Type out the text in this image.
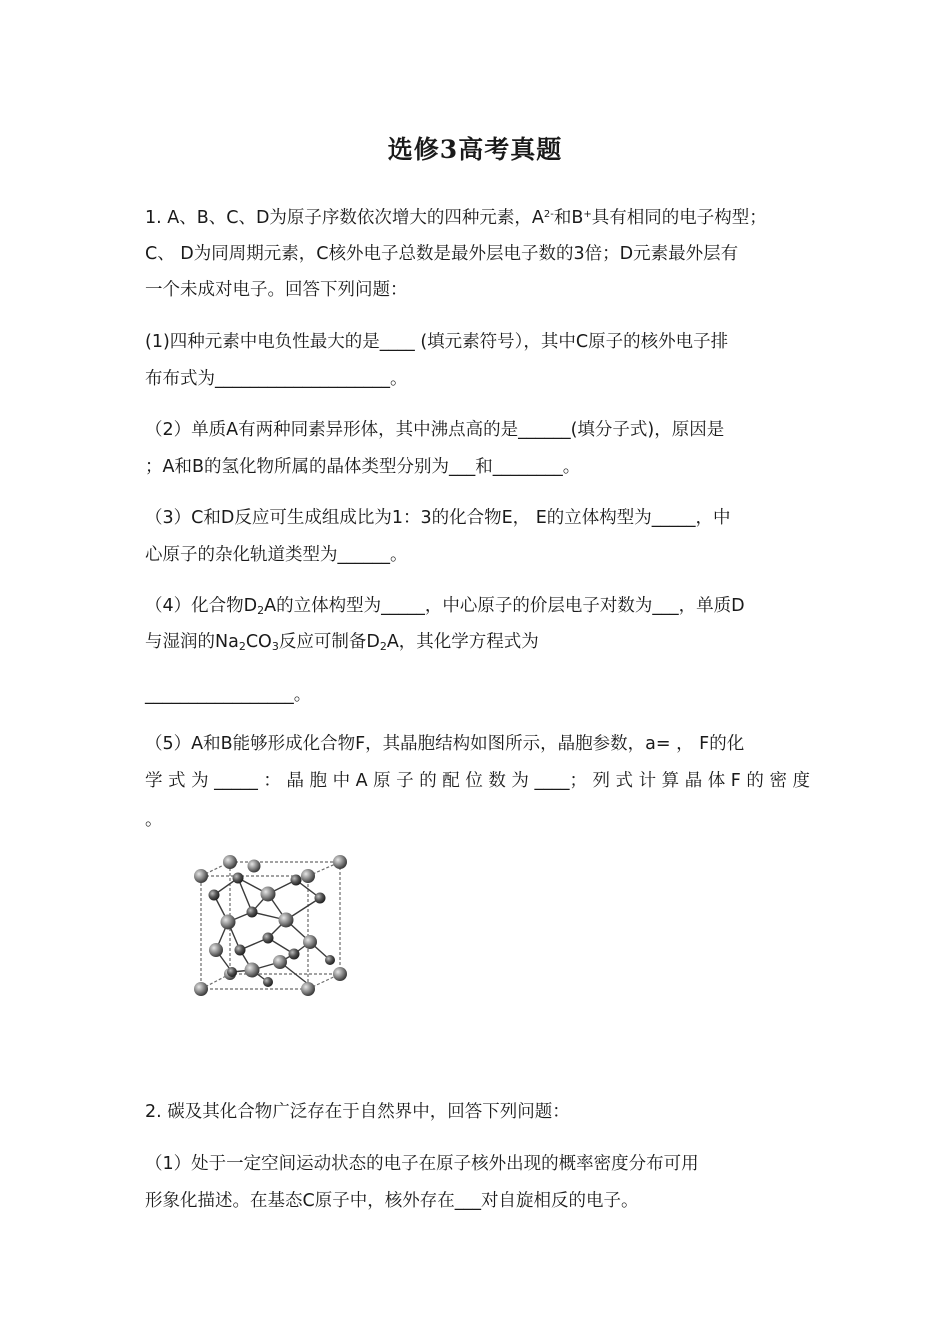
选修3高考真题
1. A、B、C、D为原子序数依次增大的四种元素，$A^{2-}$和B+具有相同的电子构型；
C、 D为同周期元素，C核外电子总数是最外层电子数的3倍；D元素最外层有
一个未成对电子。回答下列问题：
(1)四种元素中电负性最大的是____ (填元素符号），其中C原子的核外电子排
布布式为____________________。
（2）单质A有两种同素异形体，其中沸点高的是______(填分子式)，原因是
；A和B的氢化物所属的晶体类型分别为___和________。
（3）C和D反应可生成组成比为1：3的化合物E， E的立体构型为_____，中
心原子的杂化轨道类型为______。
（4）化合物$D_2A$的立体构型为_____，中心原子的价层电子对数为___，单质D
与湿润的$Na_2CO_3$反应可制备$D_2A$，其化学方程式为
_________________。
（5）A和B能够形成化合物F，其晶胞结构如图所示，晶胞参数，a= ， F的化
学式为_____：晶胞中A原子的配位数为____；列式计算晶体F的密度
。
2. 碳及其化合物广泛存在于自然界中，回答下列问题：
（1）处于一定空间运动状态的电子在原子核外出现的概率密度分布可用
形象化描述。在基态C原子中，核外存在___对自旋相反的电子。
